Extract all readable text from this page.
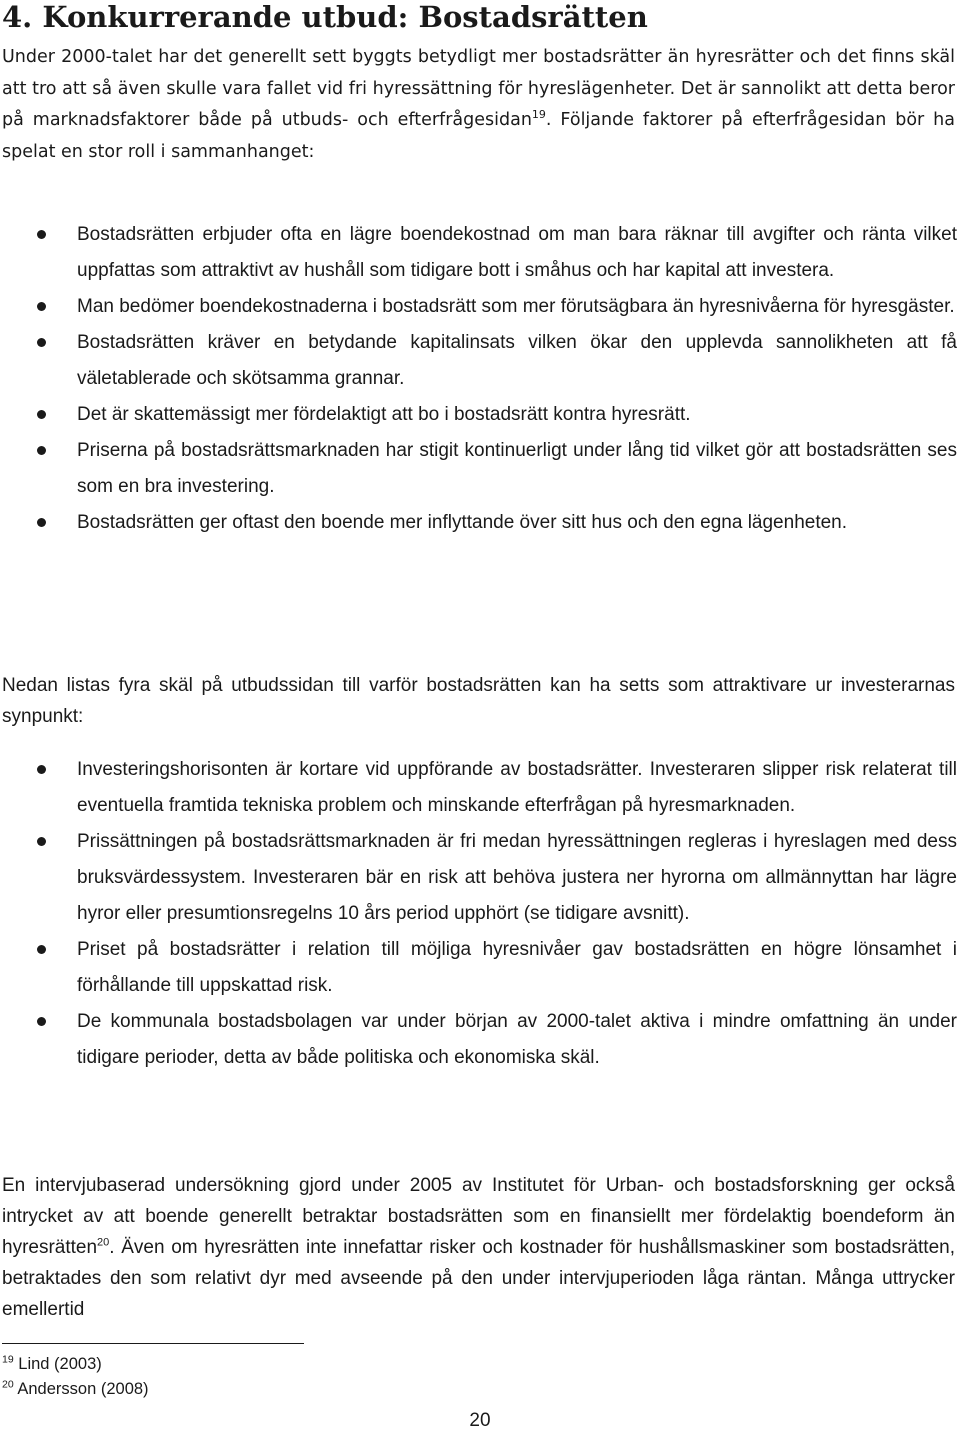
4. Konkurrerande utbud: Bostadsrätten

Under 2000-talet har det generellt sett byggts betydligt mer bostadsrätter än hyresrätter och det finns skäl att tro att så även skulle vara fallet vid fri hyressättning för hyreslägenheter. Det är sannolikt att detta beror på marknadsfaktorer både på utbuds- och efterfrågesidan$^{19}$. Följande faktorer på efterfrågesidan bör ha spelat en stor roll i sammanhanget:

Bostadsrätten erbjuder ofta en lägre boendekostnad om man bara räknar till avgifter och ränta vilket uppfattas som attraktivt av hushåll som tidigare bott i småhus och har kapital att investera.
Man bedömer boendekostnaderna i bostadsrätt som mer förutsägbara än hyresnivåerna för hyresgäster.
Bostadsrätten kräver en betydande kapitalinsats vilken ökar den upplevda sannolikheten att få väletablerade och skötsamma grannar.
Det är skattemässigt mer fördelaktigt att bo i bostadsrätt kontra hyresrätt.
Priserna på bostadsrättsmarknaden har stigit kontinuerligt under lång tid vilket gör att bostadsrätten ses som en bra investering.
Bostadsrätten ger oftast den boende mer inflyttande över sitt hus och den egna lägenheten.

Nedan listas fyra skäl på utbudssidan till varför bostadsrätten kan ha setts som attraktivare ur investerarnas synpunkt:

Investeringshorisonten är kortare vid uppförande av bostadsrätter. Investeraren slipper risk relaterat till eventuella framtida tekniska problem och minskande efterfrågan på hyresmarknaden.
Prissättningen på bostadsrättsmarknaden är fri medan hyressättningen regleras i hyreslagen med dess bruksvärdessystem. Investeraren bär en risk att behöva justera ner hyrorna om allmännyttan har lägre hyror eller presumtionsregelns 10 års period upphört (se tidigare avsnitt).
Priset på bostadsrätter i relation till möjliga hyresnivåer gav bostadsrätten en högre lönsamhet i förhållande till uppskattad risk.
De kommunala bostadsbolagen var under början av 2000-talet aktiva i mindre omfattning än under tidigare perioder, detta av både politiska och ekonomiska skäl.

En intervjubaserad undersökning gjord under 2005 av Institutet för Urban- och bostadsforskning ger också intrycket av att boende generellt betraktar bostadsrätten som en finansiellt mer fördelaktig boendeform än hyresrätten$^{20}$. Även om hyresrätten inte innefattar risker och kostnader för hushållsmaskiner som bostadsrätten, betraktades den som relativt dyr med avseende på den under intervjuperioden låga räntan. Många uttrycker emellertid

$^{19}$ Lind (2003)
$^{20}$ Andersson (2008)
20
